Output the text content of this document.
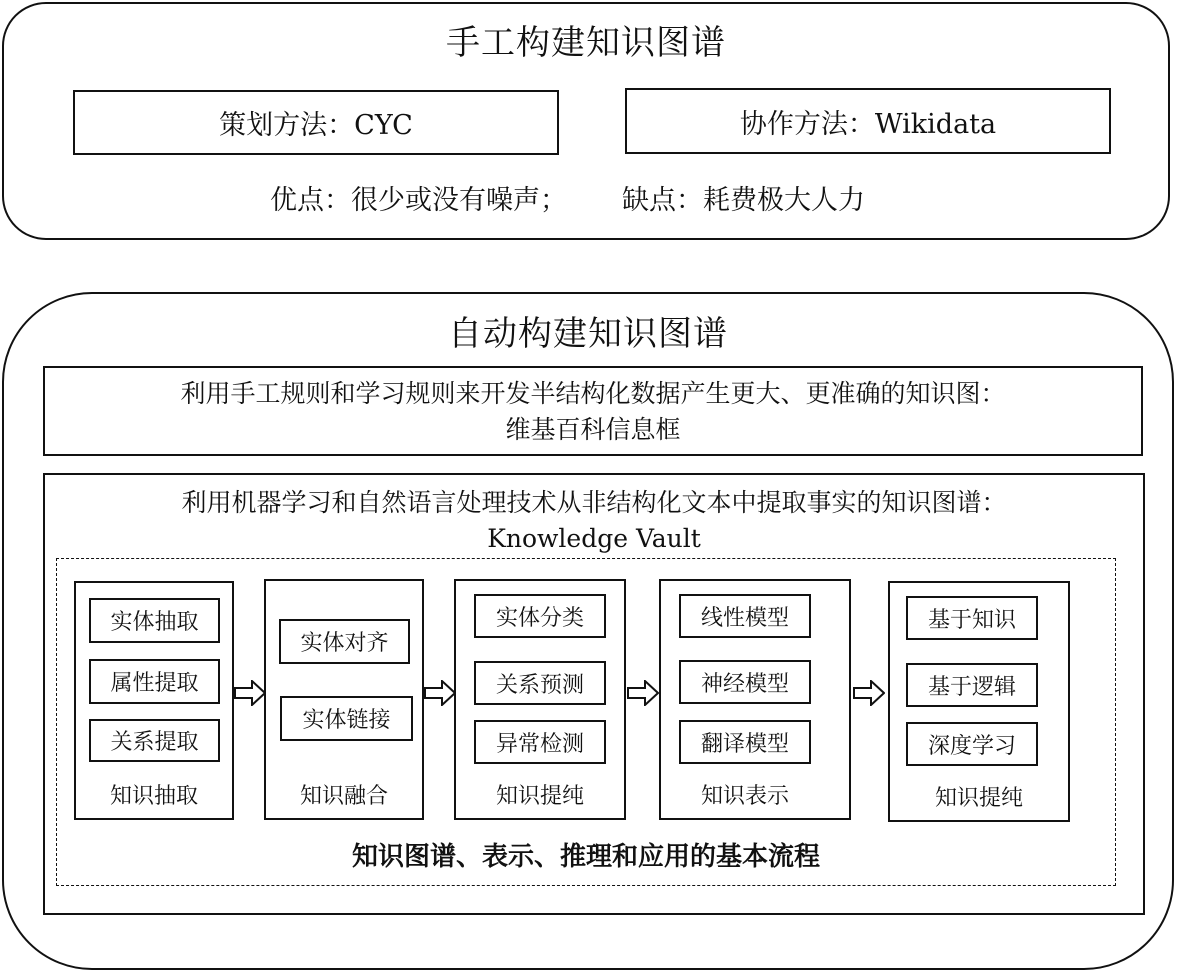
手工构建知识图谱
策划方法：CYC	协作方法：Wikidata
优点：很少或没有噪声；	缺点：耗费极大人力
自动构建知识图谱
利用手工规则和学习规则来开发半结构化数据产生更大、更准确的知识图：
维基百科信息框
利用机器学习和自然语言处理技术从非结构化文本中提取事实的知识图谱：
Knowledge Vault
实体抽取
属性提取
关系提取
知识抽取
实体对齐
实体链接
知识融合
实体分类
关系预测
异常检测
知识提纯
线性模型
神经模型
翻译模型
知识表示
基于知识
基于逻辑
深度学习
知识提纯
知识图谱、表示、推理和应用的基本流程
